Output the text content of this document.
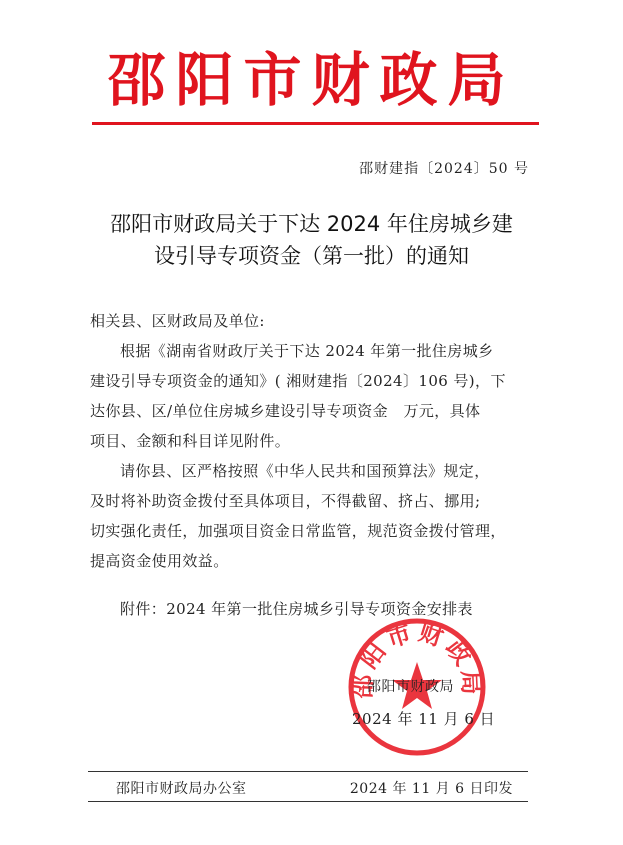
邵阳市财政局
邵财建指〔2024〕50 号
邵阳市财政局关于下达 2024 年住房城乡建
设引导专项资金（第一批）的通知

相关县、区财政局及单位:

根据《湖南省财政厅关于下达 2024 年第一批住房城乡

建设引导专项资金的通知》( 湘财建指〔2024〕106 号)，下

达你县、区/单位住房城乡建设引导专项资金　万元，具体

项目、金额和科目详见附件。

请你县、区严格按照《中华人民共和国预算法》规定，

及时将补助资金拨付至具体项目，不得截留、挤占、挪用;

切实强化责任，加强项目资金日常监管，规范资金拨付管理，

提高资金使用效益。

附件：2024 年第一批住房城乡引导专项资金安排表
邵阳市财政局
邵阳市财政局
2024 年 11 月 6 日
邵阳市财政局办公室	2024 年 11 月 6 日印发
